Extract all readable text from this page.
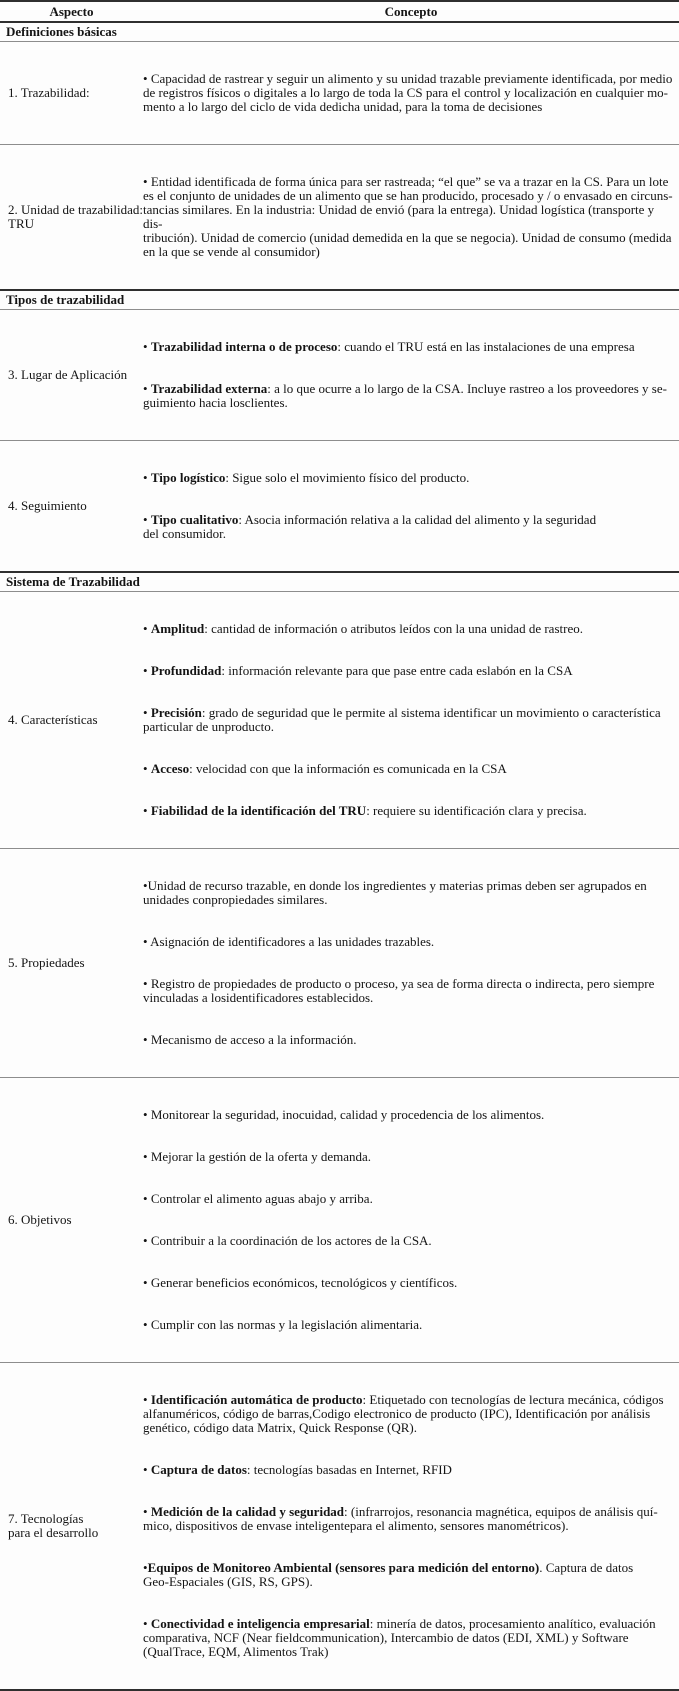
Aspecto	Concepto
Definiciones básicas
1. Trazabilidad:

• Capacidad de rastrear y seguir un alimento y su unidad trazable previamente identificada, por medio
de registros físicos o digitales a lo largo de toda la CS para el control y localización en cualquier mo-
mento a lo largo del ciclo de vida dedicha unidad, para la toma de decisiones

2. Unidad de trazabilidad:
TRU

• Entidad identificada de forma única para ser rastreada; “el que” se va a trazar en la CS. Para un lote
es el conjunto de unidades de un alimento que se han producido, procesado y / o envasado en circuns-
tancias similares. En la industria: Unidad de envió (para la entrega). Unidad logística (transporte y dis-
tribución). Unidad de comercio (unidad demedida en la que se negocia). Unidad de consumo (medida
en la que se vende al consumidor)

Tipos de trazabilidad
3. Lugar de Aplicación

• Trazabilidad interna o de proceso: cuando el TRU está en las instalaciones de una empresa

• Trazabilidad externa: a lo que ocurre a lo largo de la CSA. Incluye rastreo a los proveedores y se-
guimiento hacia losclientes.

4. Seguimiento

• Tipo logístico: Sigue solo el movimiento físico del producto.

• Tipo cualitativo: Asocia información relativa a la calidad del alimento y la seguridad
del consumidor.

Sistema de Trazabilidad
4. Características

• Amplitud: cantidad de información o atributos leídos con la una unidad de rastreo.

• Profundidad: información relevante para que pase entre cada eslabón en la CSA

• Precisión: grado de seguridad que le permite al sistema identificar un movimiento o característica
particular de unproducto.

• Acceso: velocidad con que la información es comunicada en la CSA

• Fiabilidad de la identificación del TRU: requiere su identificación clara y precisa.

5. Propiedades

•Unidad de recurso trazable, en donde los ingredientes y materias primas deben ser agrupados en
unidades conpropiedades similares.

• Asignación de identificadores a las unidades trazables.

• Registro de propiedades de producto o proceso, ya sea de forma directa o indirecta, pero siempre
vinculadas a losidentificadores establecidos.

• Mecanismo de acceso a la información.

6. Objetivos

• Monitorear la seguridad, inocuidad, calidad y procedencia de los alimentos.

• Mejorar la gestión de la oferta y demanda.

• Controlar el alimento aguas abajo y arriba.

• Contribuir a la coordinación de los actores de la CSA.

• Generar beneficios económicos, tecnológicos y científicos.

• Cumplir con las normas y la legislación alimentaria.

7. Tecnologías
para el desarrollo

• Identificación automática de producto: Etiquetado con tecnologías de lectura mecánica, códigos
alfanuméricos, código de barras,Codigo electronico de producto (IPC), Identificación por análisis
genético, código data Matrix, Quick Response (QR).

• Captura de datos: tecnologías basadas en Internet, RFID

• Medición de la calidad y seguridad: (infrarrojos, resonancia magnética, equipos de análisis quí-
mico, dispositivos de envase inteligentepara el alimento, sensores manométricos).

•Equipos de Monitoreo Ambiental (sensores para medición del entorno). Captura de datos
Geo-Espaciales (GIS, RS, GPS).

• Conectividad e inteligencia empresarial: minería de datos, procesamiento analítico, evaluación
comparativa, NCF (Near fieldcommunication), Intercambio de datos (EDI, XML) y Software
(QualTrace, EQM, Alimentos Trak)
